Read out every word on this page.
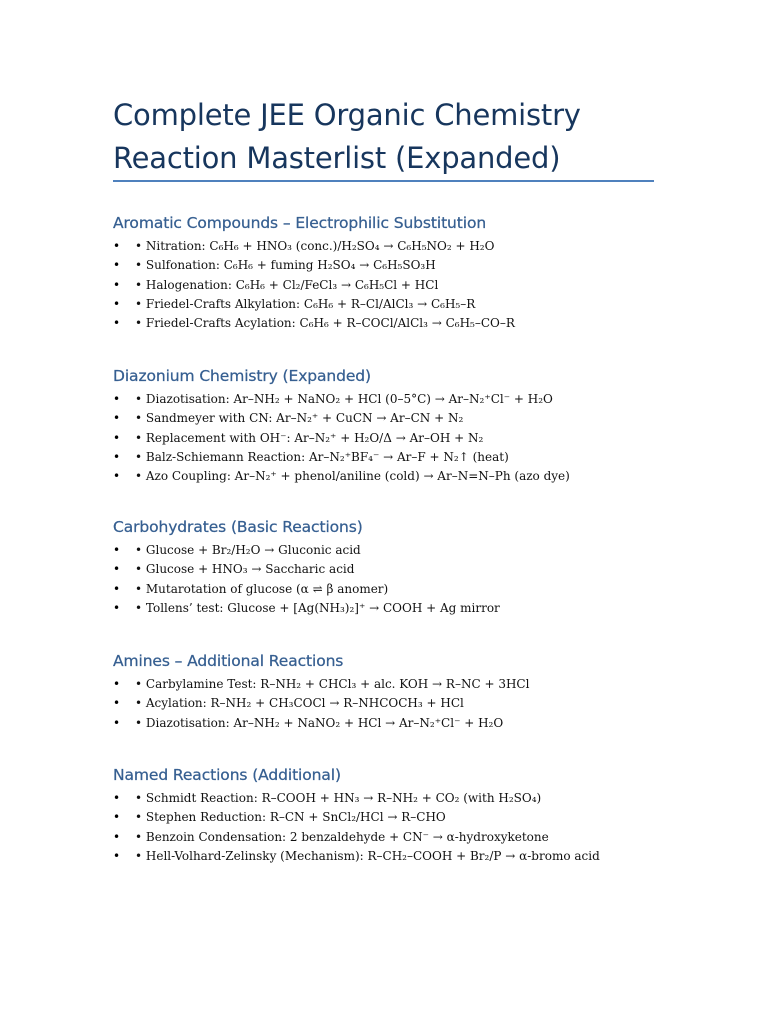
Complete JEE Organic Chemistry
Reaction Masterlist (Expanded)
Aromatic Compounds – Electrophilic Substitution
• • Nitration: C₆H₆ + HNO₃ (conc.)/H₂SO₄ → C₆H₅NO₂ + H₂O
• • Sulfonation: C₆H₆ + fuming H₂SO₄ → C₆H₅SO₃H
• • Halogenation: C₆H₆ + Cl₂/FeCl₃ → C₆H₅Cl + HCl
• • Friedel-Crafts Alkylation: C₆H₆ + R–Cl/AlCl₃ → C₆H₅–R
• • Friedel-Crafts Acylation: C₆H₆ + R–COCl/AlCl₃ → C₆H₅–CO–R
Diazonium Chemistry (Expanded)
• • Diazotisation: Ar–NH₂ + NaNO₂ + HCl (0–5°C) → Ar–N₂⁺Cl⁻ + H₂O
• • Sandmeyer with CN: Ar–N₂⁺ + CuCN → Ar–CN + N₂
• • Replacement with OH⁻: Ar–N₂⁺ + H₂O/Δ → Ar–OH + N₂
• • Balz-Schiemann Reaction: Ar–N₂⁺BF₄⁻ → Ar–F + N₂↑ (heat)
• • Azo Coupling: Ar–N₂⁺ + phenol/aniline (cold) → Ar–N=N–Ph (azo dye)
Carbohydrates (Basic Reactions)
• • Glucose + Br₂/H₂O → Gluconic acid
• • Glucose + HNO₃ → Saccharic acid
• • Mutarotation of glucose (α ⇌ β anomer)
• • Tollens’ test: Glucose + [Ag(NH₃)₂]⁺ → COOH + Ag mirror
Amines – Additional Reactions
• • Carbylamine Test: R–NH₂ + CHCl₃ + alc. KOH → R–NC + 3HCl
• • Acylation: R–NH₂ + CH₃COCl → R–NHCOCH₃ + HCl
• • Diazotisation: Ar–NH₂ + NaNO₂ + HCl → Ar–N₂⁺Cl⁻ + H₂O
Named Reactions (Additional)
• • Schmidt Reaction: R–COOH + HN₃ → R–NH₂ + CO₂ (with H₂SO₄)
• • Stephen Reduction: R–CN + SnCl₂/HCl → R–CHO
• • Benzoin Condensation: 2 benzaldehyde + CN⁻ → α-hydroxyketone
• • Hell-Volhard-Zelinsky (Mechanism): R–CH₂–COOH + Br₂/P → α-bromo acid
